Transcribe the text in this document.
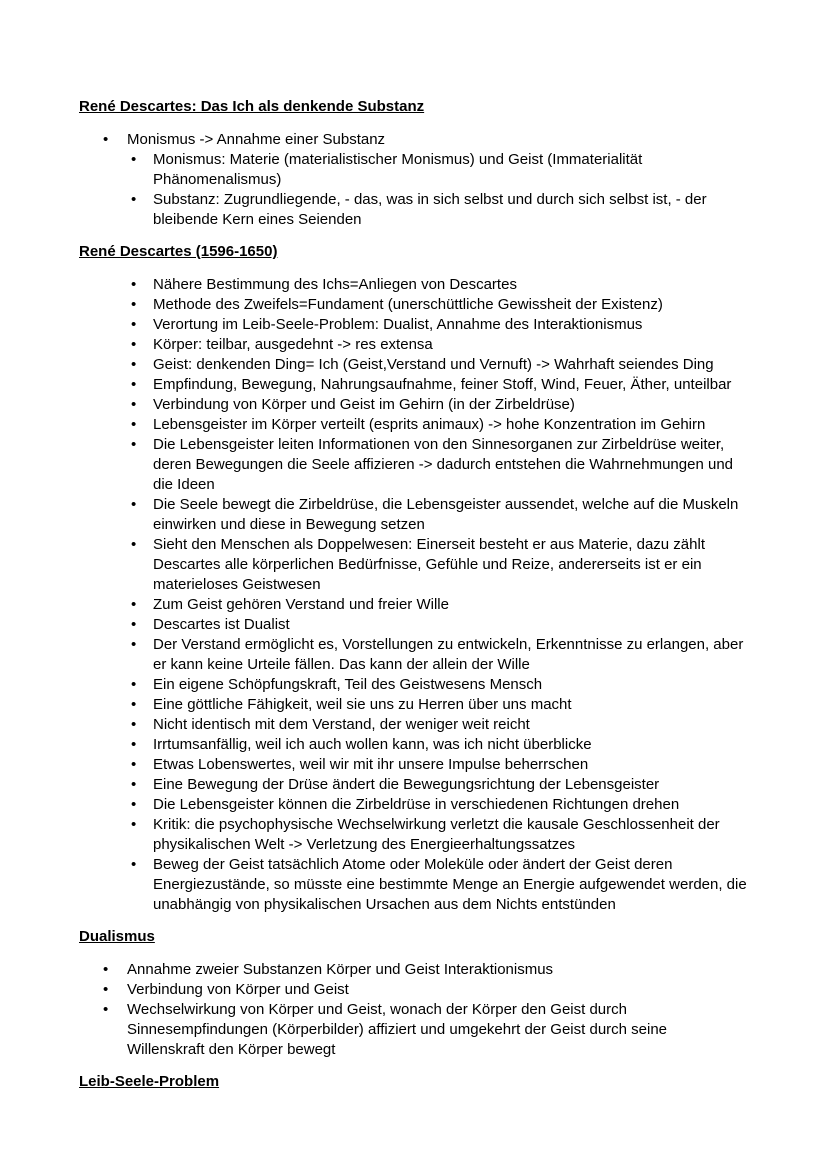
René Descartes: Das Ich als denkende Substanz
•	Monismus -> Annahme einer Substanz
•	Monismus: Materie (materialistischer Monismus) und Geist (Immaterialität Phänomenalismus)
•	Substanz: Zugrundliegende, - das, was in sich selbst und durch sich selbst ist, - der bleibende Kern eines Seienden
René Descartes (1596-1650)
•	Nähere Bestimmung des Ichs=Anliegen von Descartes
•	Methode des Zweifels=Fundament (unerschüttliche Gewissheit der Existenz)
•	Verortung im Leib-Seele-Problem: Dualist, Annahme des Interaktionismus
•	Körper: teilbar, ausgedehnt -> res extensa
•	Geist: denkenden Ding= Ich (Geist,Verstand und Vernuft) -> Wahrhaft seiendes Ding
•	Empfindung, Bewegung, Nahrungsaufnahme, feiner Stoff, Wind, Feuer, Äther, unteilbar
•	Verbindung von Körper und Geist im Gehirn (in der Zirbeldrüse)
•	Lebensgeister im Körper verteilt (esprits animaux) -> hohe Konzentration im Gehirn
•	Die Lebensgeister leiten Informationen von den Sinnesorganen zur Zirbeldrüse weiter, deren Bewegungen die Seele affizieren -> dadurch entstehen die Wahrnehmungen und die Ideen
•	Die Seele bewegt die Zirbeldrüse, die Lebensgeister aussendet, welche auf die Muskeln einwirken und diese in Bewegung setzen
•	Sieht den Menschen als Doppelwesen: Einerseit besteht er aus Materie, dazu zählt Descartes alle körperlichen Bedürfnisse, Gefühle und Reize, andererseits ist er ein materieloses Geistwesen
•	Zum Geist gehören Verstand und freier Wille
•	Descartes ist Dualist
•	Der Verstand ermöglicht es, Vorstellungen zu entwickeln, Erkenntnisse zu erlangen, aber er kann keine Urteile fällen. Das kann der allein der Wille
•	Ein eigene Schöpfungskraft, Teil des Geistwesens Mensch
•	Eine göttliche Fähigkeit, weil sie uns zu Herren über uns macht
•	Nicht identisch mit dem Verstand, der weniger weit reicht
•	Irrtumsanfällig, weil ich auch wollen kann, was ich nicht überblicke
•	Etwas Lobenswertes, weil wir mit ihr unsere Impulse beherrschen
•	Eine Bewegung der Drüse ändert die Bewegungsrichtung der Lebensgeister
•	Die Lebensgeister können die Zirbeldrüse in verschiedenen Richtungen drehen
•	Kritik: die psychophysische Wechselwirkung verletzt die kausale Geschlossenheit der physikalischen Welt -> Verletzung des Energieerhaltungssatzes
•	Beweg der Geist tatsächlich Atome oder Moleküle oder ändert der Geist deren Energiezustände, so müsste eine bestimmte Menge an Energie aufgewendet werden, die unabhängig von physikalischen Ursachen aus dem Nichts entstünden
Dualismus
•	Annahme zweier Substanzen Körper und Geist Interaktionismus
•	Verbindung von Körper und Geist
•	Wechselwirkung von Körper und Geist, wonach der Körper den Geist durch Sinnesempfindungen (Körperbilder) affiziert und umgekehrt der Geist durch seine Willenskraft den Körper bewegt
Leib-Seele-Problem
